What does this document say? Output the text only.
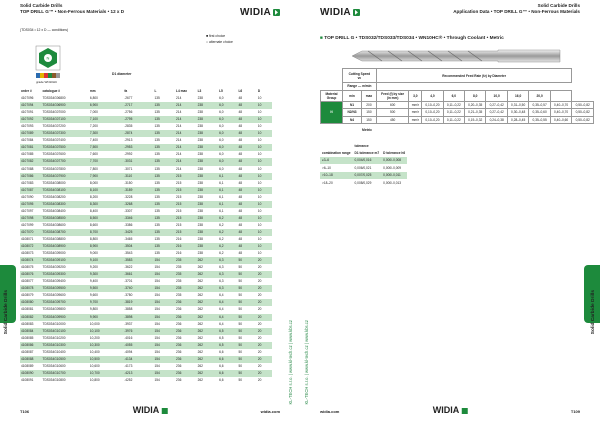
Solid Carbide Drills
TOP DRILL G™ • Non-Ferrous Materials • 12 x D	WIDIA
(TDS034 • 12 x D — conditions)
N
grade WN10HC
■ first choice
○ alternate choice
D1 diameter
order #	catalogue #	mm	fa	L	L4 max	L3	L5	L6	D
4107096	TDS034G06800	6,800	.2677	135	214	238	6,0	48	10
4107094	TDS034G06900	6,900	.2717	135	214	238	6,0	48	10
4107091	TDS034G07000	7,000	.2756	135	214	238	6,0	48	10
4107092	TDS034G07100	7,100	.2795	135	214	238	6,0	48	10
4107093	TDS034G07200	7,200	.2835	135	214	238	6,0	48	10
4107089	TDS034G07300	7,300	.2874	135	214	238	6,0	48	10
4107084	TDS034G07400	7,400	.2913	135	214	238	6,0	48	10
4107081	TDS034G07500	7,500	.2953	135	214	238	6,0	48	10
4107085	TDS034G07600	7,600	.2992	135	214	238	6,0	48	10
4107082	TDS034G07700	7,700	.3031	135	214	238	6,0	48	10
4107088	TDS034G07800	7,800	.3071	135	214	238	6,0	48	10
4107086	TDS034G07900	7,900	.3110	135	215	238	6,1	48	10
4107083	TDS034G08000	8,000	.3150	135	215	238	6,1	48	10
4107087	TDS034G08100	8,100	.3189	135	215	238	6,1	48	10
4107090	TDS034G08200	8,200	.3228	135	215	238	6,1	48	10
4107095	TDS034G08300	8,300	.3268	135	215	238	6,1	48	10
4107097	TDS034G08400	8,400	.3307	135	215	238	6,1	48	10
4107098	TDS034G08500	8,500	.3346	135	215	238	6,2	48	10
4107099	TDS034G08600	8,600	.3386	135	215	238	6,2	48	10
4107070	TDS034G08700	8,700	.3425	135	215	238	6,2	48	10
4108071	TDS034G08800	8,800	.3465	135	216	238	6,2	48	10
4108072	TDS034G08900	8,900	.3504	135	216	238	6,2	48	10
4108073	TDS034G09000	9,000	.3543	135	216	238	6,2	48	10
4108074	TDS034G09100	9,100	.3583	154	235	262	6,3	50	20
4108075	TDS034G09200	9,200	.3622	154	235	262	6,3	50	20
4108076	TDS034G09300	9,300	.3661	154	235	262	6,3	50	20
4108077	TDS034G09400	9,400	.3701	154	235	262	6,3	50	20
4108078	TDS034G09500	9,500	.3740	154	235	262	6,3	50	20
4108079	TDS034G09600	9,600	.3780	154	235	262	6,4	50	20
4108080	TDS034G09700	9,700	.3819	154	236	262	6,4	50	20
4108081	TDS034G09800	9,800	.3858	154	236	262	6,4	50	20
4108082	TDS034G09900	9,900	.3898	154	236	262	6,4	50	20
4108083	TDS034G10000	10,000	.3937	154	236	262	6,4	50	20
4108084	TDS034G10100	10,100	.3976	154	236	262	6,5	50	20
4108085	TDS034G10200	10,200	.4016	154	236	262	6,5	50	20
4108086	TDS034G10300	10,300	.4055	154	236	262	6,5	50	20
4108087	TDS034G10400	10,400	.4094	154	236	262	6,6	50	20
4108088	TDS034G10500	10,500	.4134	154	236	262	6,6	50	20
4108089	TDS034G10600	10,600	.4173	154	236	262	6,6	50	20
4108090	TDS034G10700	10,700	.4213	154	236	262	6,6	50	20
4108091	TDS034G10800	10,800	.4252	154	236	262	6,6	50	20
Solid Carbide Drills
KL-TECH s.r.o. | www.kl-tech.cz | www.kbs.cz
T106	WIDIA	widia.com
WIDIA
Solid Carbide Drills
Application Data • TOP DRILL G™ • Non-Ferrous Materials
■ TOP DRILL G • TDS032/TDS033/TDS034 • WN10HC® • Through Coolant • Metric
	Cutting Speed
vc		Recommended Feed Rate (fz) by Diameter									
	Range — m/min											
Material
Group	min	max	Feed (f) by size
(in mm)	3,0	4,0	6,0	8,0	10,0	16,0	20,0		
N	N1	200	600	mm/r	0,10–0,20	0,11–0,22	0,20–0,35	0,27–0,42	0,31–0,50	0,35–0,57	0,40–0,70	0,50–0,82
	N2/N3	150	500	mm/r	0,10–0,20	0,11–0,22	0,21–0,35	0,27–0,42	0,30–0,48	0,35–0,60	0,40–0,70	0,50–0,82
	N4	150	450	mm/r	0,10–0,20	0,11–0,22	0,19–0,32	0,24–0,38	0,28–0,45	0,35–0,55	0,40–0,60	0,50–0,82
Metric
	tolerance	
combination range	D1 tolerance m7	D tolerance h6
≥3–6	0,004/0,016	0,000/-0,008
>6–10	0,006/0,021	0,000/-0,009
>10–18	0,007/0,025	0,000/-0,011
>18–20	0,008/0,029	0,000/-0,013
Solid Carbide Drills
KL-TECH s.r.o. | www.kl-tech.cz | www.kbs.cz
widia.com	WIDIA	T109
